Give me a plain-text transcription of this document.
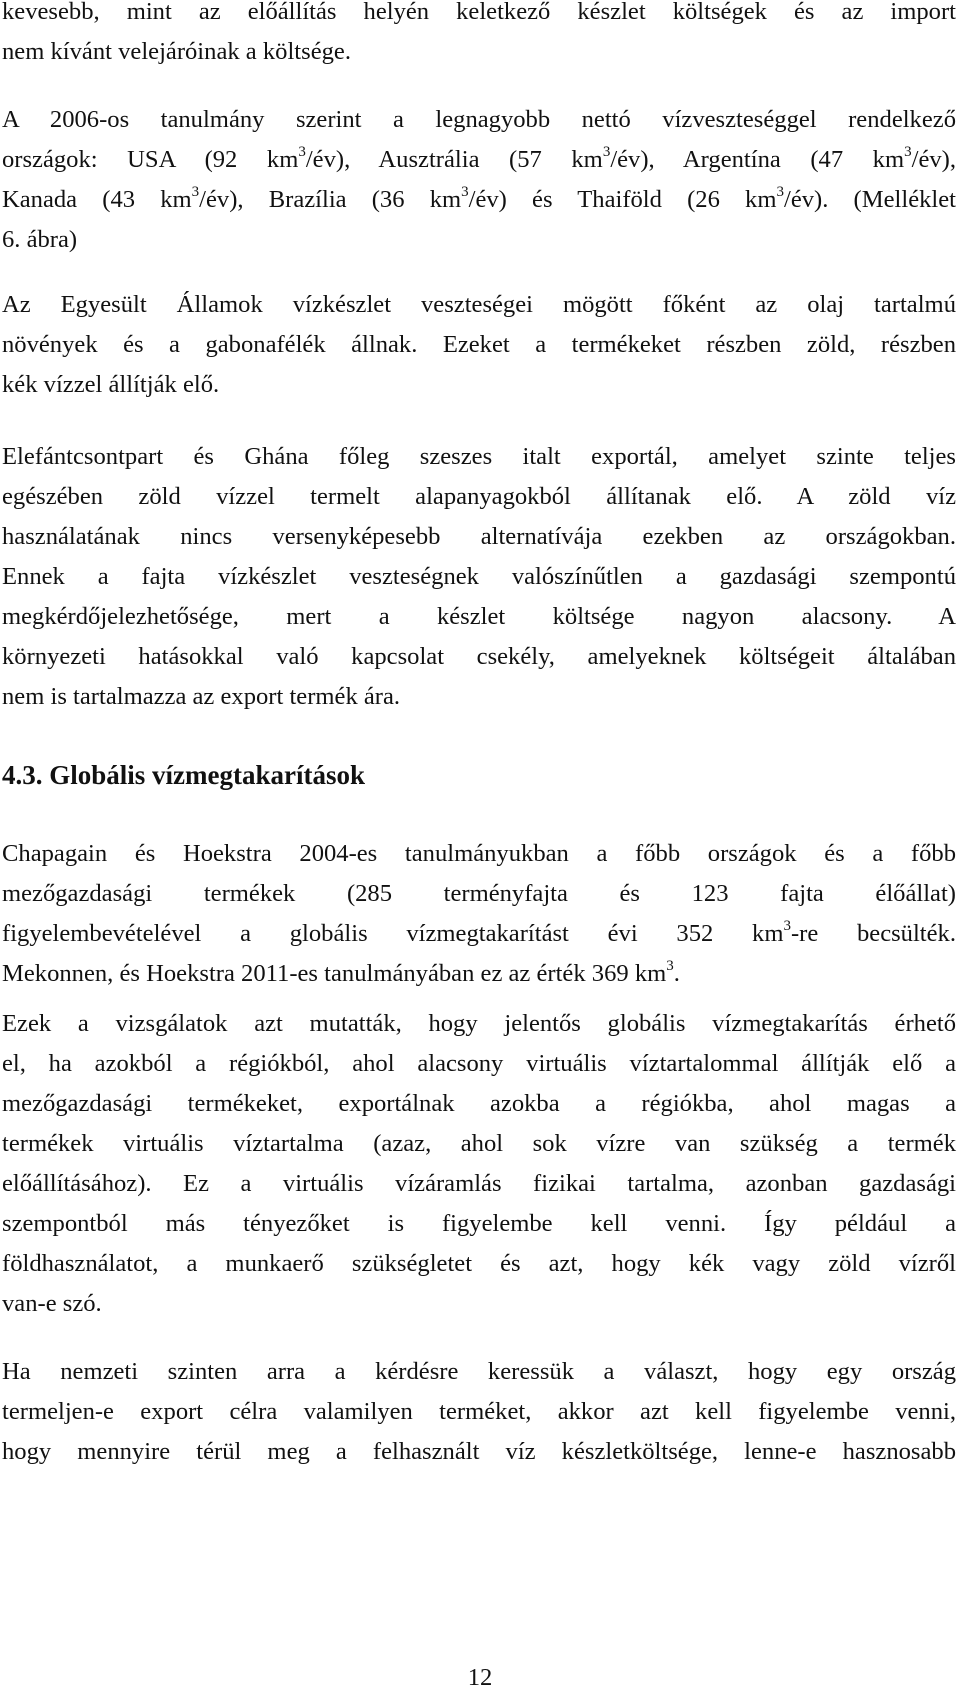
kevesebb, mint az előállítás helyén keletkező készlet költségek és az import
nem kívánt velejáróinak a költsége.
A 2006-os tanulmány szerint a legnagyobb nettó vízveszteséggel rendelkező
országok: USA (92 $km^3/év$), Ausztrália (57 $km^3/év$), Argentína (47 $km^3/év$),
Kanada (43 $km^3/év$), Brazília (36 $km^3/év$) és Thaiföld (26 $km^3/év$). (Melléklet
6. ábra)
Az Egyesült Államok vízkészlet veszteségei mögött főként az olaj tartalmú
növények és a gabonafélék állnak. Ezeket a termékeket részben zöld, részben
kék vízzel állítják elő.
Elefántcsontpart és Ghána főleg szeszes italt exportál, amelyet szinte teljes
egészében zöld vízzel termelt alapanyagokból állítanak elő. A zöld víz
használatának nincs versenyképesebb alternatívája ezekben az országokban.
Ennek a fajta vízkészlet veszteségnek valószínűtlen a gazdasági szempontú
megkérdőjelezhetősége, mert a készlet költsége nagyon alacsony. A
környezeti hatásokkal való kapcsolat csekély, amelyeknek költségeit általában
nem is tartalmazza az export termék ára.
4.3. Globális vízmegtakarítások
Chapagain és Hoekstra 2004-es tanulmányukban a főbb országok és a főbb
mezőgazdasági termékek (285 terményfajta és 123 fajta élőállat)
figyelembevételével a globális vízmegtakarítást évi 352 $km^3-re$ becsülték.
Mekonnen, és Hoekstra 2011-es tanulmányában ez az érték 369 $km^3$.
Ezek a vizsgálatok azt mutatták, hogy jelentős globális vízmegtakarítás érhető
el, ha azokból a régiókból, ahol alacsony virtuális víztartalommal állítják elő a
mezőgazdasági termékeket, exportálnak azokba a régiókba, ahol magas a
termékek virtuális víztartalma (azaz, ahol sok vízre van szükség a termék
előállításához). Ez a virtuális vízáramlás fizikai tartalma, azonban gazdasági
szempontból más tényezőket is figyelembe kell venni. Így például a
földhasználatot, a munkaerő szükségletet és azt, hogy kék vagy zöld vízről
van-e szó.
Ha nemzeti szinten arra a kérdésre keressük a választ, hogy egy ország
termeljen-e export célra valamilyen terméket, akkor azt kell figyelembe venni,
hogy mennyire térül meg a felhasznált víz készletköltsége, lenne-e hasznosabb
12
